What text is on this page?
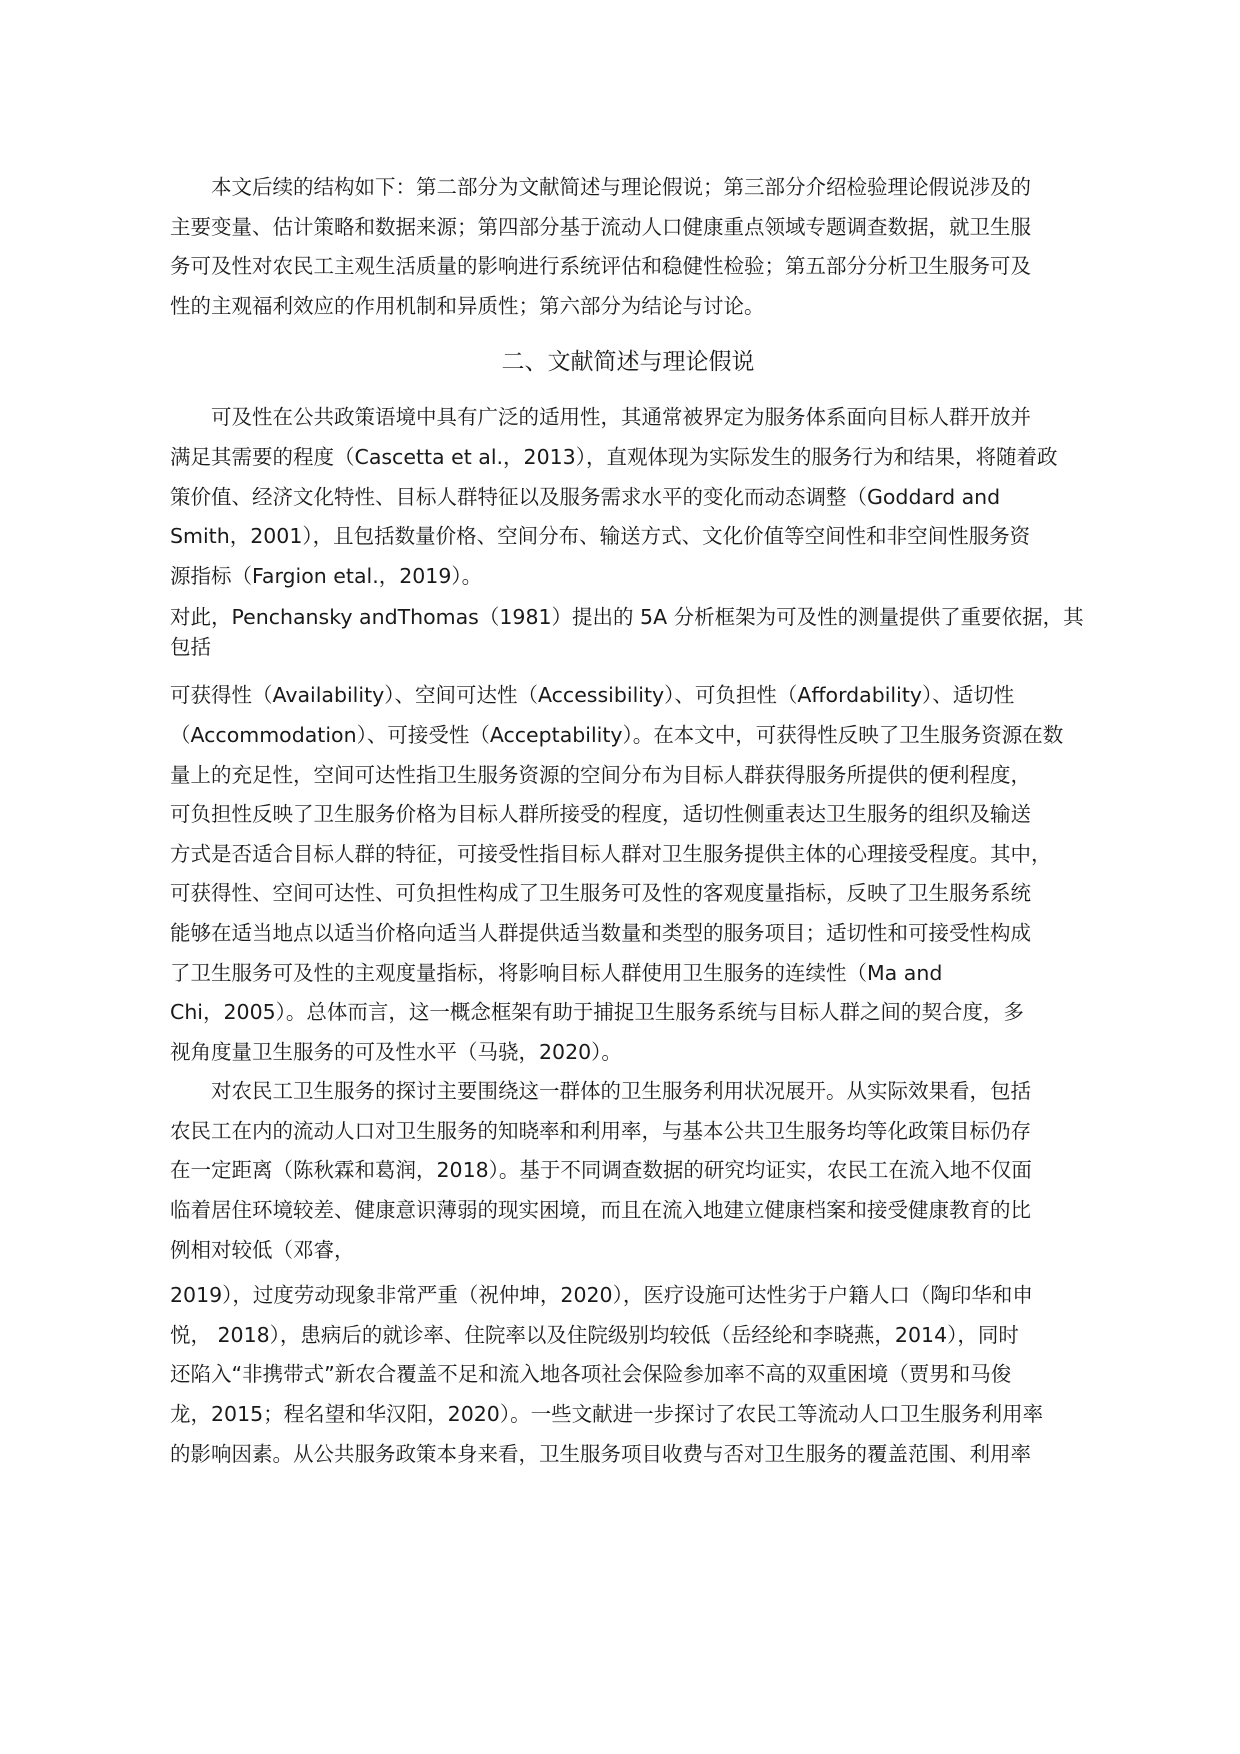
本文后续的结构如下：第二部分为文献简述与理论假说；第三部分介绍检验理论假说涉及的
主要变量、估计策略和数据来源；第四部分基于流动人口健康重点领域专题调查数据，就卫生服
务可及性对农民工主观生活质量的影响进行系统评估和稳健性检验；第五部分分析卫生服务可及
性的主观福利效应的作用机制和异质性；第六部分为结论与讨论。

二、文献简述与理论假说

可及性在公共政策语境中具有广泛的适用性，其通常被界定为服务体系面向目标人群开放并
满足其需要的程度（Cascetta et al.，2013），直观体现为实际发生的服务行为和结果，将随着政
策价值、经济文化特性、目标人群特征以及服务需求水平的变化而动态调整（Goddard and
Smith，2001），且包括数量价格、空间分布、输送方式、文化价值等空间性和非空间性服务资
源指标（Fargion etal.，2019）。

对此，Penchansky andThomas（1981）提出的 5A 分析框架为可及性的测量提供了重要依据，其
包括

可获得性（Availability）、空间可达性（Accessibility）、可负担性（Affordability）、适切性
（Accommodation）、可接受性（Acceptability）。在本文中，可获得性反映了卫生服务资源在数
量上的充足性，空间可达性指卫生服务资源的空间分布为目标人群获得服务所提供的便利程度，
可负担性反映了卫生服务价格为目标人群所接受的程度，适切性侧重表达卫生服务的组织及输送
方式是否适合目标人群的特征，可接受性指目标人群对卫生服务提供主体的心理接受程度。其中，
可获得性、空间可达性、可负担性构成了卫生服务可及性的客观度量指标，反映了卫生服务系统
能够在适当地点以适当价格向适当人群提供适当数量和类型的服务项目；适切性和可接受性构成
了卫生服务可及性的主观度量指标，将影响目标人群使用卫生服务的连续性（Ma and
Chi，2005）。总体而言，这一概念框架有助于捕捉卫生服务系统与目标人群之间的契合度，多
视角度量卫生服务的可及性水平（马骁，2020）。

对农民工卫生服务的探讨主要围绕这一群体的卫生服务利用状况展开。从实际效果看，包括
农民工在内的流动人口对卫生服务的知晓率和利用率，与基本公共卫生服务均等化政策目标仍存
在一定距离（陈秋霖和葛润，2018）。基于不同调查数据的研究均证实，农民工在流入地不仅面
临着居住环境较差、健康意识薄弱的现实困境，而且在流入地建立健康档案和接受健康教育的比
例相对较低（邓睿，

2019），过度劳动现象非常严重（祝仲坤，2020），医疗设施可达性劣于户籍人口（陶印华和申
悦， 2018），患病后的就诊率、住院率以及住院级别均较低（岳经纶和李晓燕，2014），同时
还陷入“非携带式”新农合覆盖不足和流入地各项社会保险参加率不高的双重困境（贾男和马俊
龙，2015；程名望和华汉阳，2020）。一些文献进一步探讨了农民工等流动人口卫生服务利用率
的影响因素。从公共服务政策本身来看，卫生服务项目收费与否对卫生服务的覆盖范围、利用率
